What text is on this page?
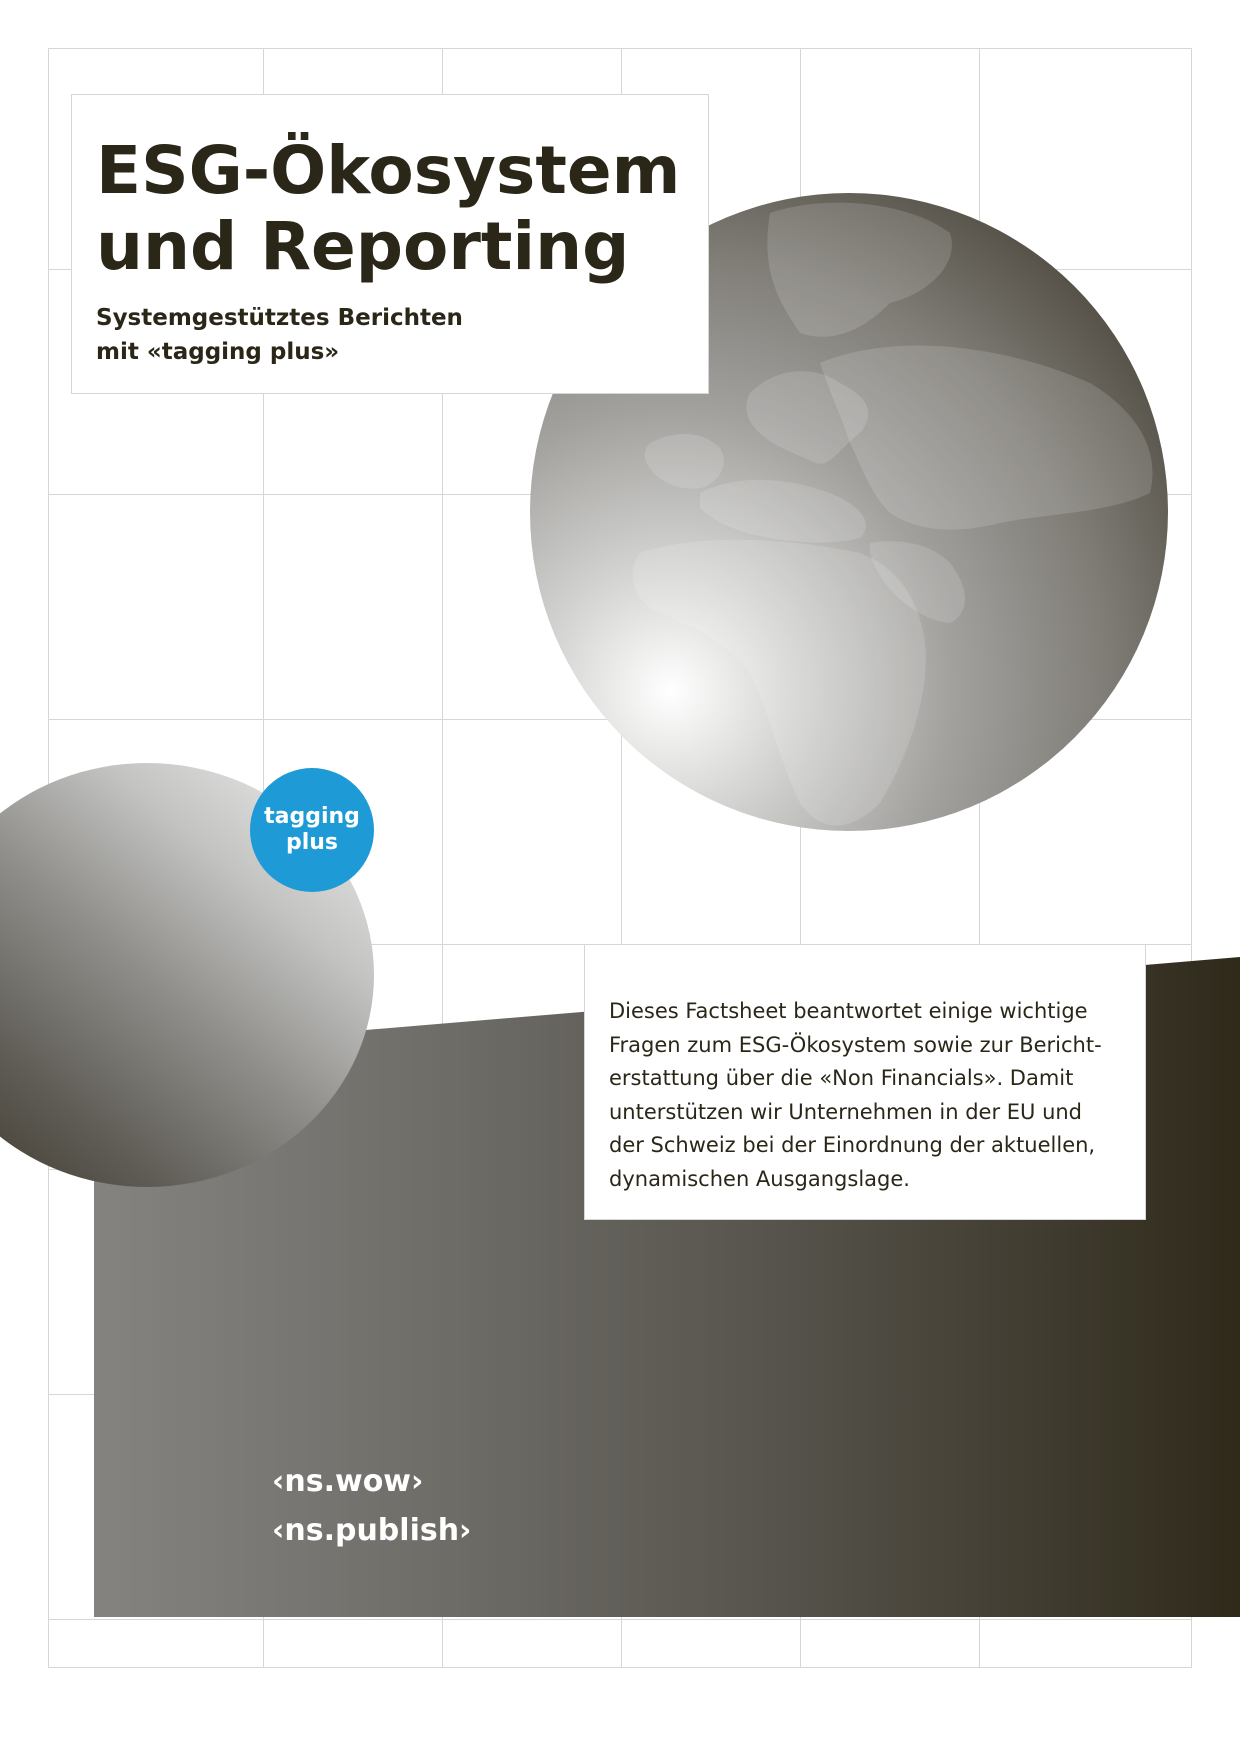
tagging
plus
ESG-Ökosystem
und Reporting
Systemgestütztes Berichten
mit «tagging plus»
Dieses Factsheet beantwortet einige wichtige
Fragen zum ESG-Ökosystem sowie zur Bericht-
erstattung über die «Non Financials». Damit
unterstützen wir Unternehmen in der EU und
der Schweiz bei der Einordnung der aktuellen,
dynamischen Ausgangslage.
‹ns.wow›
‹ns.publish›
